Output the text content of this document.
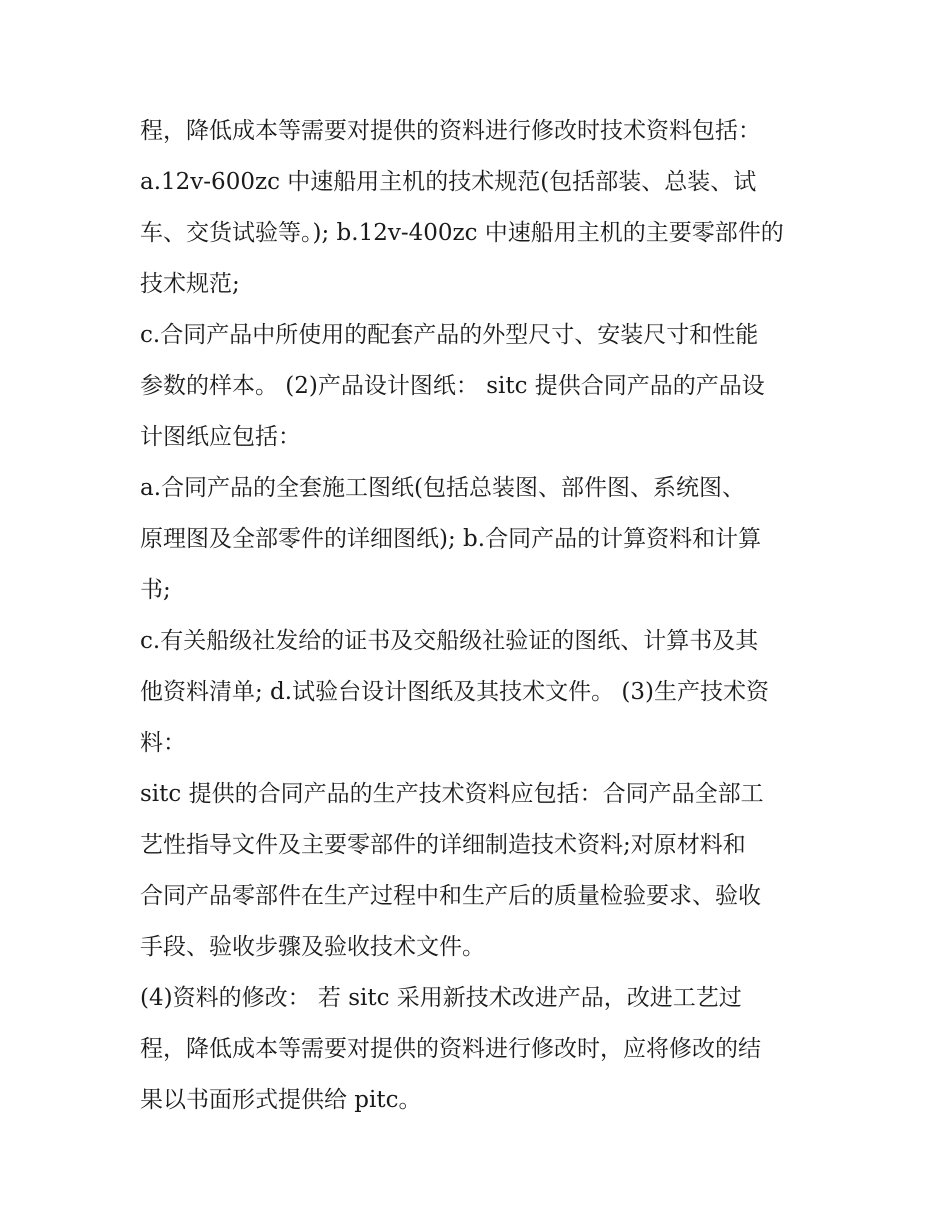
程，降低成本等需要对提供的资料进行修改时技术资料包括：
a.12v-600zc 中速船用主机的技术规范(包括部装、总装、试
车、交货试验等。); b.12v-400zc 中速船用主机的主要零部件的
技术规范;
c.合同产品中所使用的配套产品的外型尺寸、安装尺寸和性能
参数的样本。 (2)产品设计图纸： sitc 提供合同产品的产品设
计图纸应包括：
a.合同产品的全套施工图纸(包括总装图、部件图、系统图、
原理图及全部零件的详细图纸); b.合同产品的计算资料和计算
书;
c.有关船级社发给的证书及交船级社验证的图纸、计算书及其
他资料清单; d.试验台设计图纸及其技术文件。 (3)生产技术资
料：
sitc 提供的合同产品的生产技术资料应包括：合同产品全部工
艺性指导文件及主要零部件的详细制造技术资料;对原材料和
合同产品零部件在生产过程中和生产后的质量检验要求、验收
手段、验收步骤及验收技术文件。
(4)资料的修改： 若 sitc 采用新技术改进产品，改进工艺过
程，降低成本等需要对提供的资料进行修改时，应将修改的结
果以书面形式提供给 pitc。
